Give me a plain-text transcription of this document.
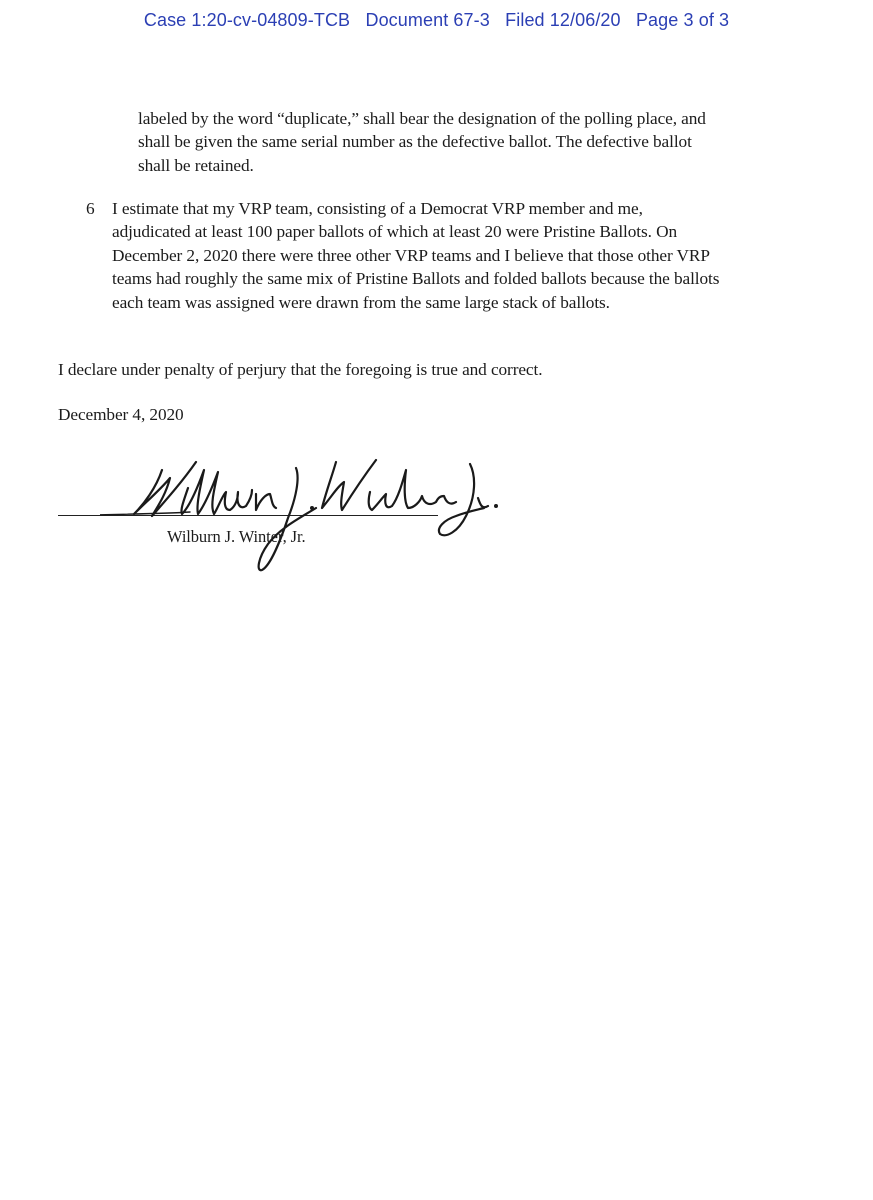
Case 1:20-cv-04809-TCB Document 67-3 Filed 12/06/20 Page 3 of 3
labeled by the word “duplicate,” shall bear the designation of the polling place, and
shall be given the same serial number as the defective ballot. The defective ballot
shall be retained.
6 I estimate that my VRP team, consisting of a Democrat VRP member and me,
adjudicated at least 100 paper ballots of which at least 20 were Pristine Ballots. On
December 2, 2020 there were three other VRP teams and I believe that those other VRP
teams had roughly the same mix of Pristine Ballots and folded ballots because the ballots
each team was assigned were drawn from the same large stack of ballots.
I declare under penalty of perjury that the foregoing is true and correct.
December 4, 2020
Wilburn J. Winter, Jr.
